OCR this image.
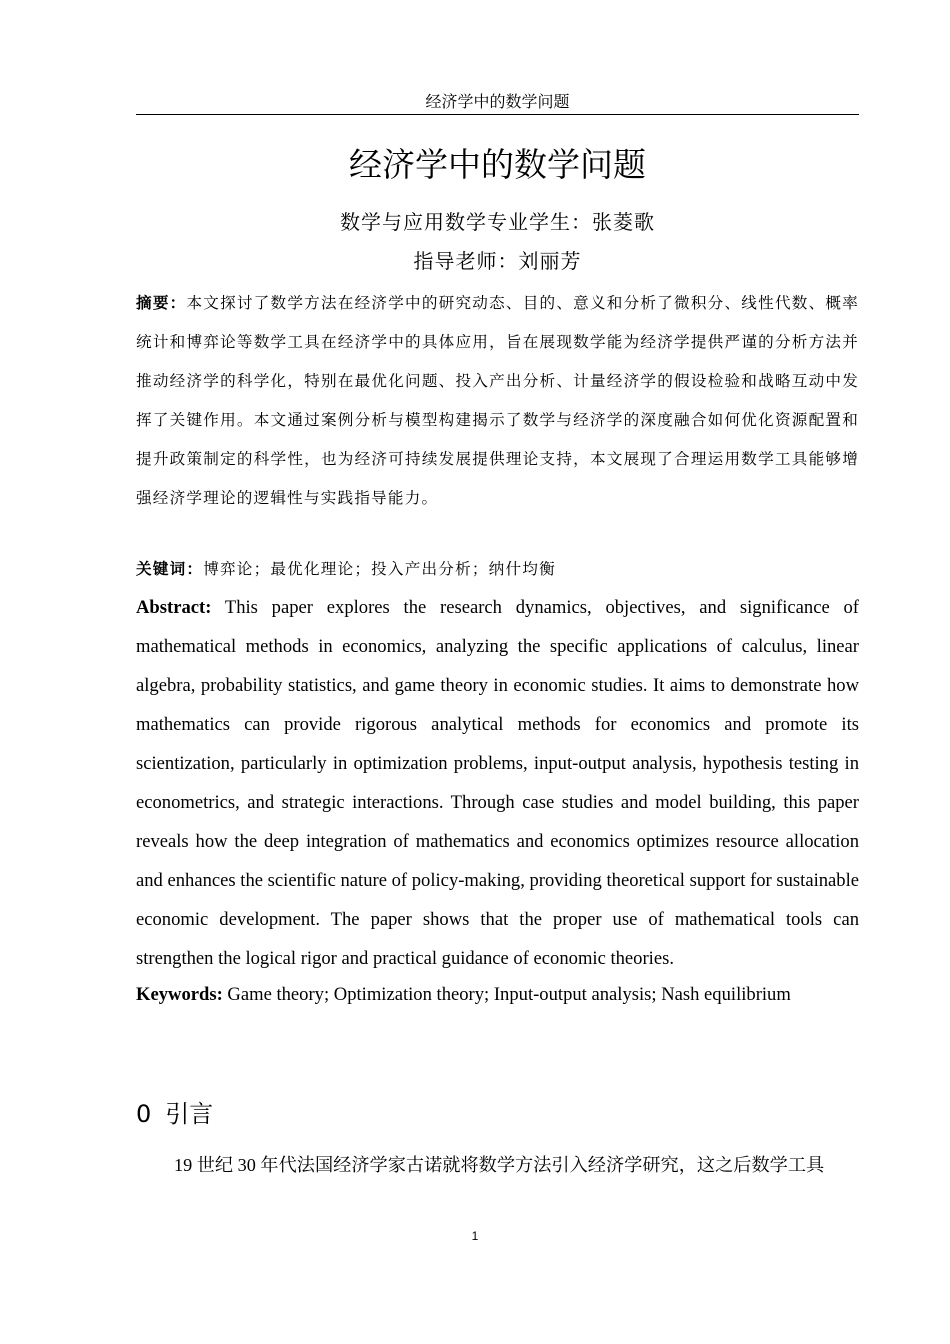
经济学中的数学问题
经济学中的数学问题
数学与应用数学专业学生：张菱歌
指导老师：刘丽芳

摘要：本文探讨了数学方法在经济学中的研究动态、目的、意义和分析了微积分、线性代数、概率统计和博弈论等数学工具在经济学中的具体应用，旨在展现数学能为经济学提供严谨的分析方法并推动经济学的科学化，特别在最优化问题、投入产出分析、计量经济学的假设检验和战略互动中发挥了关键作用。本文通过案例分析与模型构建揭示了数学与经济学的深度融合如何优化资源配置和提升政策制定的科学性，也为经济可持续发展提供理论支持，本文展现了合理运用数学工具能够增强经济学理论的逻辑性与实践指导能力。

关键词：博弈论；最优化理论；投入产出分析；纳什均衡

Abstract: This paper explores the research dynamics, objectives, and significance of mathematical methods in economics, analyzing the specific applications of calculus, linear algebra, probability statistics, and game theory in economic studies. It aims to demonstrate how mathematics can provide rigorous analytical methods for economics and promote its scientization, particularly in optimization problems, input-output analysis, hypothesis testing in econometrics, and strategic interactions. Through case studies and model building, this paper reveals how the deep integration of mathematics and economics optimizes resource allocation and enhances the scientific nature of policy-making, providing theoretical support for sustainable economic development. The paper shows that the proper use of mathematical tools can strengthen the logical rigor and practical guidance of economic theories.

Keywords: Game theory; Optimization theory; Input-output analysis; Nash equilibrium

0 引言

19 世纪 30 年代法国经济学家古诺就将数学方法引入经济学研究，这之后数学工具

1
